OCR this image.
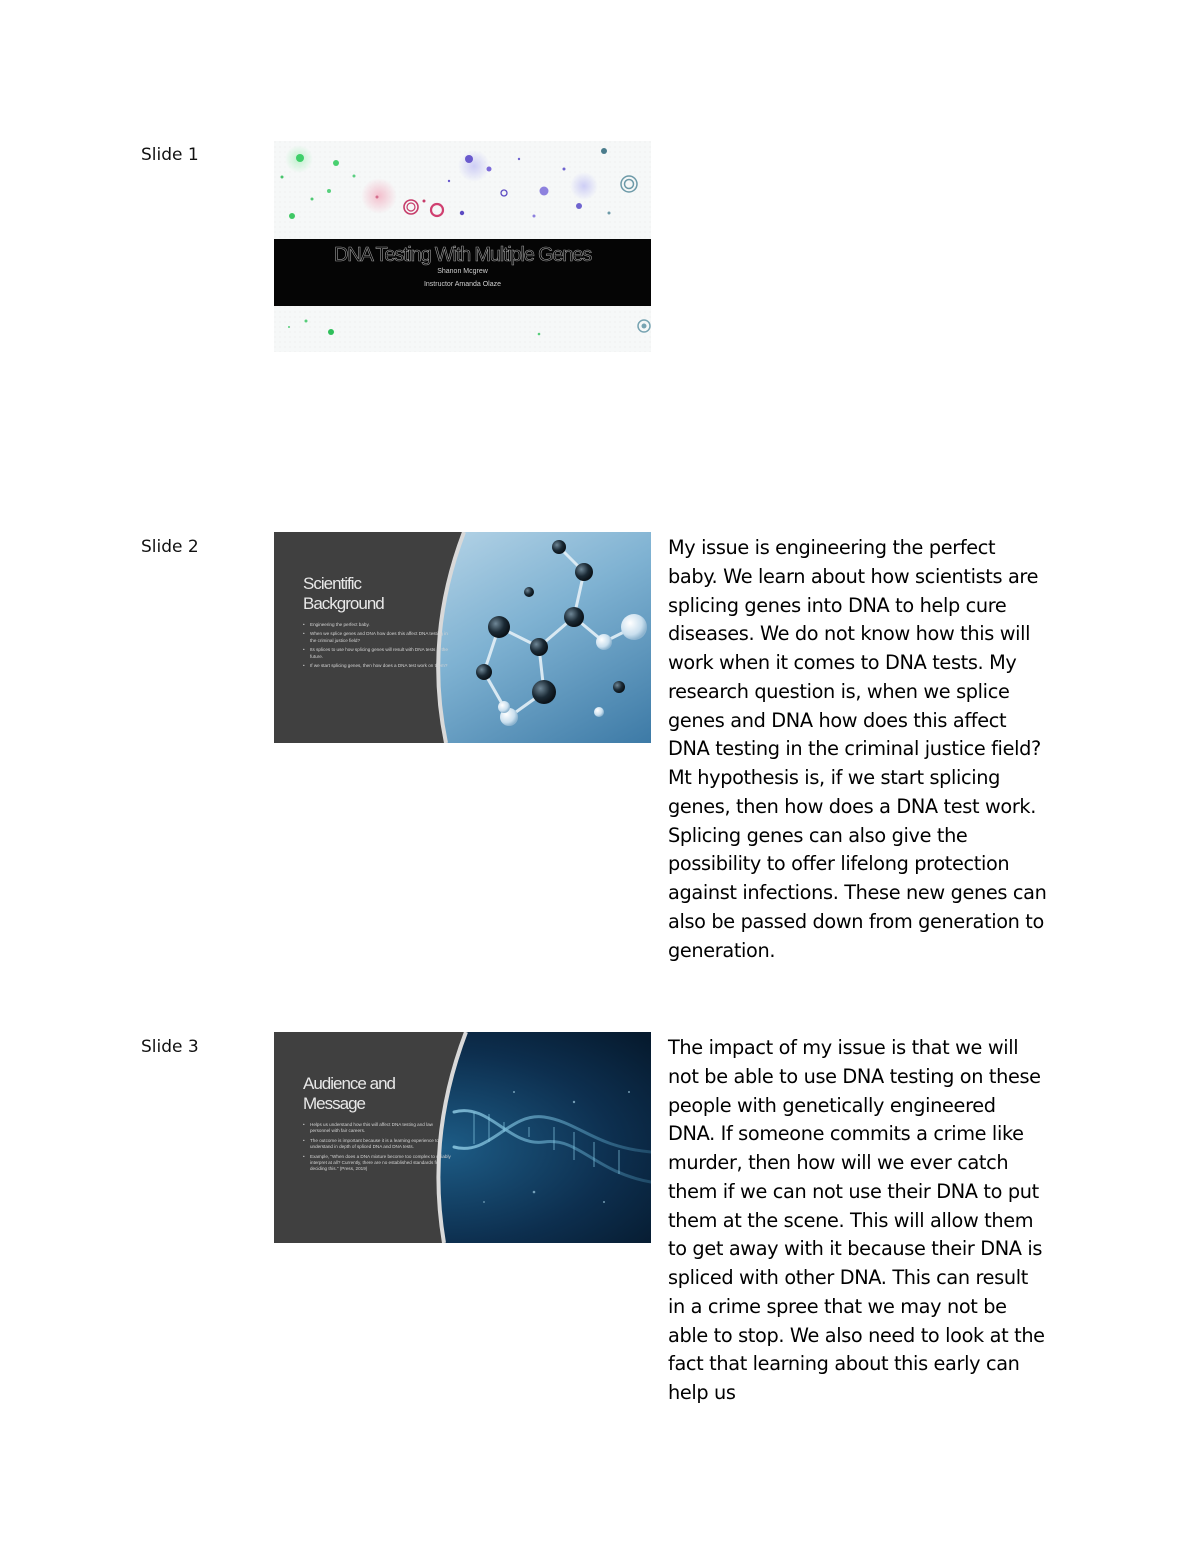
Slide 1
DNA Testing With Multiple Genes
Shanon Mcgrew
Instructor Amanda Olaze
Slide 2
Scientific
Background
• Engineering the perfect baby.
• When we splice genes and DNA how does this affect DNA testing in the criminal justice field?
• Its splices to use how splicing genes will result with DNA tests in the future.
• If we start splicing genes, then how does a DNA test work on them?
My issue is engineering the perfect baby. We learn about how scientists are splicing genes into DNA to help cure diseases. We do not know how this will work when it comes to DNA tests. My research question is, when we splice genes and DNA how does this affect DNA testing in the criminal justice field? Mt hypothesis is, if we start splicing genes, then how does a DNA test work. Splicing genes can also give the possibility to offer lifelong protection against infections. These new genes can also be passed down from generation to generation.
Slide 3
Audience and
Message
• Helps us understand how this will affect DNA testing and law personnel with fair careers.
• The outcome is important because it is a learning experience to understand in depth of spliced DNA and DNA tests.
• Example, "When does a DNA mixture become too complex to reliably interpret at all? Currently, there are no established standards for deciding this." (Press, 2019)
The impact of my issue is that we will not be able to use DNA testing on these people with genetically engineered DNA. If someone commits a crime like murder, then how will we ever catch them if we can not use their DNA to put them at the scene. This will allow them to get away with it because their DNA is spliced with other DNA. This can result in a crime spree that we may not be able to stop. We also need to look at the fact that learning about this early can help us
